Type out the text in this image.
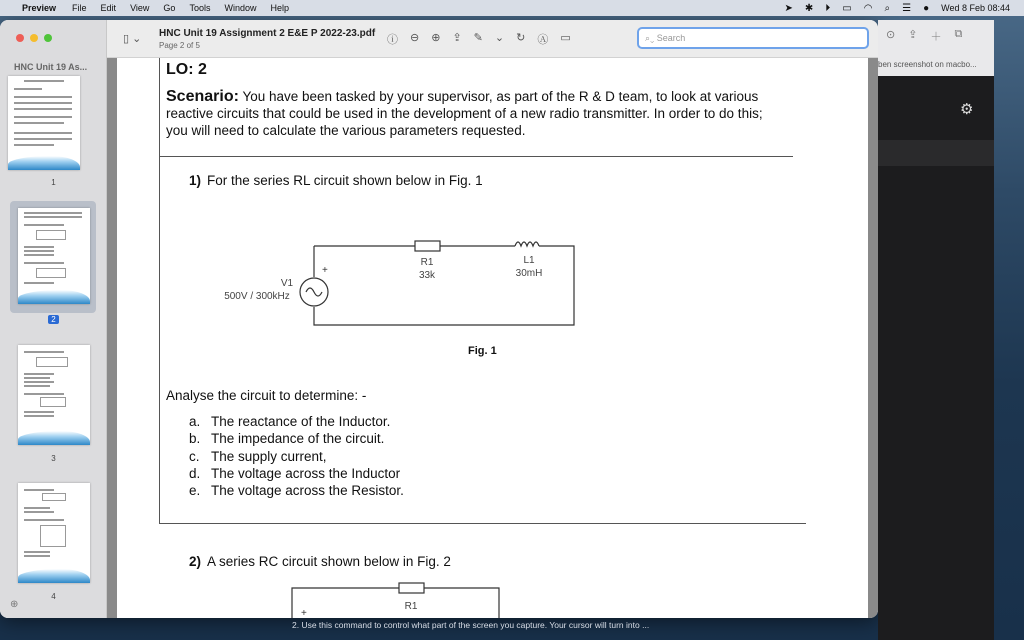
Preview File Edit View Go Tools Window Help	➤ ✱ ⏵ ▭ ◠ ⌕ ☰ ● Wed 8 Feb 08:44
HNC Unit 19 As...
1
2
3
4
⊕
▯ ⌄ HNC Unit 19 Assignment 2 E&E P 2022-23.pdf
Page 2 of 5	ⓘ ⊖ ⊕ ⇪ ✎ ⌄ ↻ Ⓐ ▭	⌕⌄ Search
LO: 2
Scenario: You have been tasked by your supervisor, as part of the R & D team, to look at various reactive circuits that could be used in the development of a new radio transmitter. In order to do this; you will need to calculate the various parameters requested.
1) For the series RL circuit shown below in Fig. 1
+
R1
33k
L1
30mH
V1
500V / 300kHz
Fig. 1
Analyse the circuit to determine: -
a. The reactance of the Inductor.
b. The impedance of the circuit.
c. The supply current,
d. The voltage across the Inductor
e. The voltage across the Resistor.
2) A series RC circuit shown below in Fig. 2
R1
+
⊙ ⇪ ＋ ⧉
ben screenshot on macbo...
⚙
2. Use this command to control what part of the screen you capture. Your cursor will turn into ...
